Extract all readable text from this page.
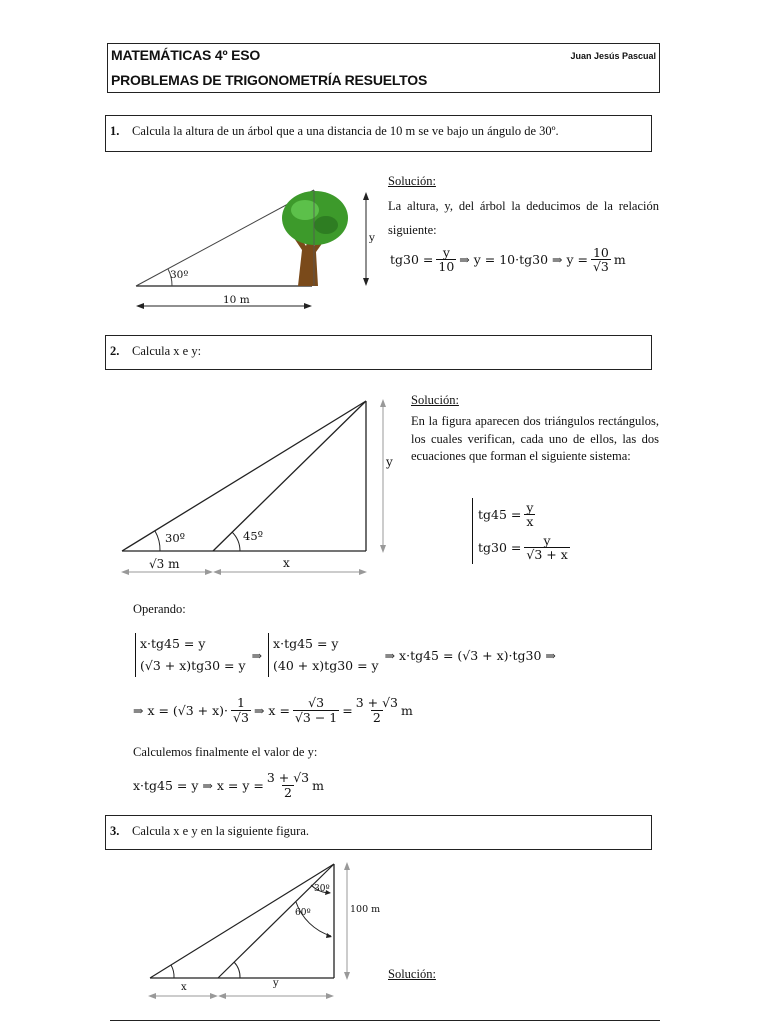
MATEMÁTICAS 4º ESO	Juan Jesús Pascual
PROBLEMAS DE TRIGONOMETRÍA RESUELTOS
1. Calcula la altura de un árbol que a una distancia de 10 m se ve bajo un ángulo de 30º.
30º
10 m
y
Solución:
La altura, y, del árbol la deducimos de la relación siguiente:
$tg30 = \frac{y}{10}$ ⇒ y = 10·tg30 ⇒ $y = \frac{10}{√3}$ m
2. Calcula x e y:
30º	45º
√3 m	x
y
Solución:
En la figura aparecen dos triángulos rectángulos, los cuales verifican, cada uno de ellos, las dos ecuaciones que forman el siguiente sistema:
$tg45 = \frac{y}{x}$
$tg30 = \frac{y}{√3 + x}$
Operando:
x·tg45 = y
(√3 + x)tg30 = y
⇒
x·tg45 = y
(40 + x)tg30 = y
⇒ x·tg45 = (√3 + x)·tg30 ⇒
⇒ $x = (√3 + x)\cdot \frac{1}{√3}$ ⇒ $x = \frac{√3}{√3 - 1} = \frac{3 + √3}{2}$ m
Calculemos finalmente el valor de y:
x·tg45 = y ⇒ $x = y = \frac{3 + √3}{2}$ m
3. Calcula x e y en la siguiente figura.
30º
60º	100 m
x	y
Solución:
